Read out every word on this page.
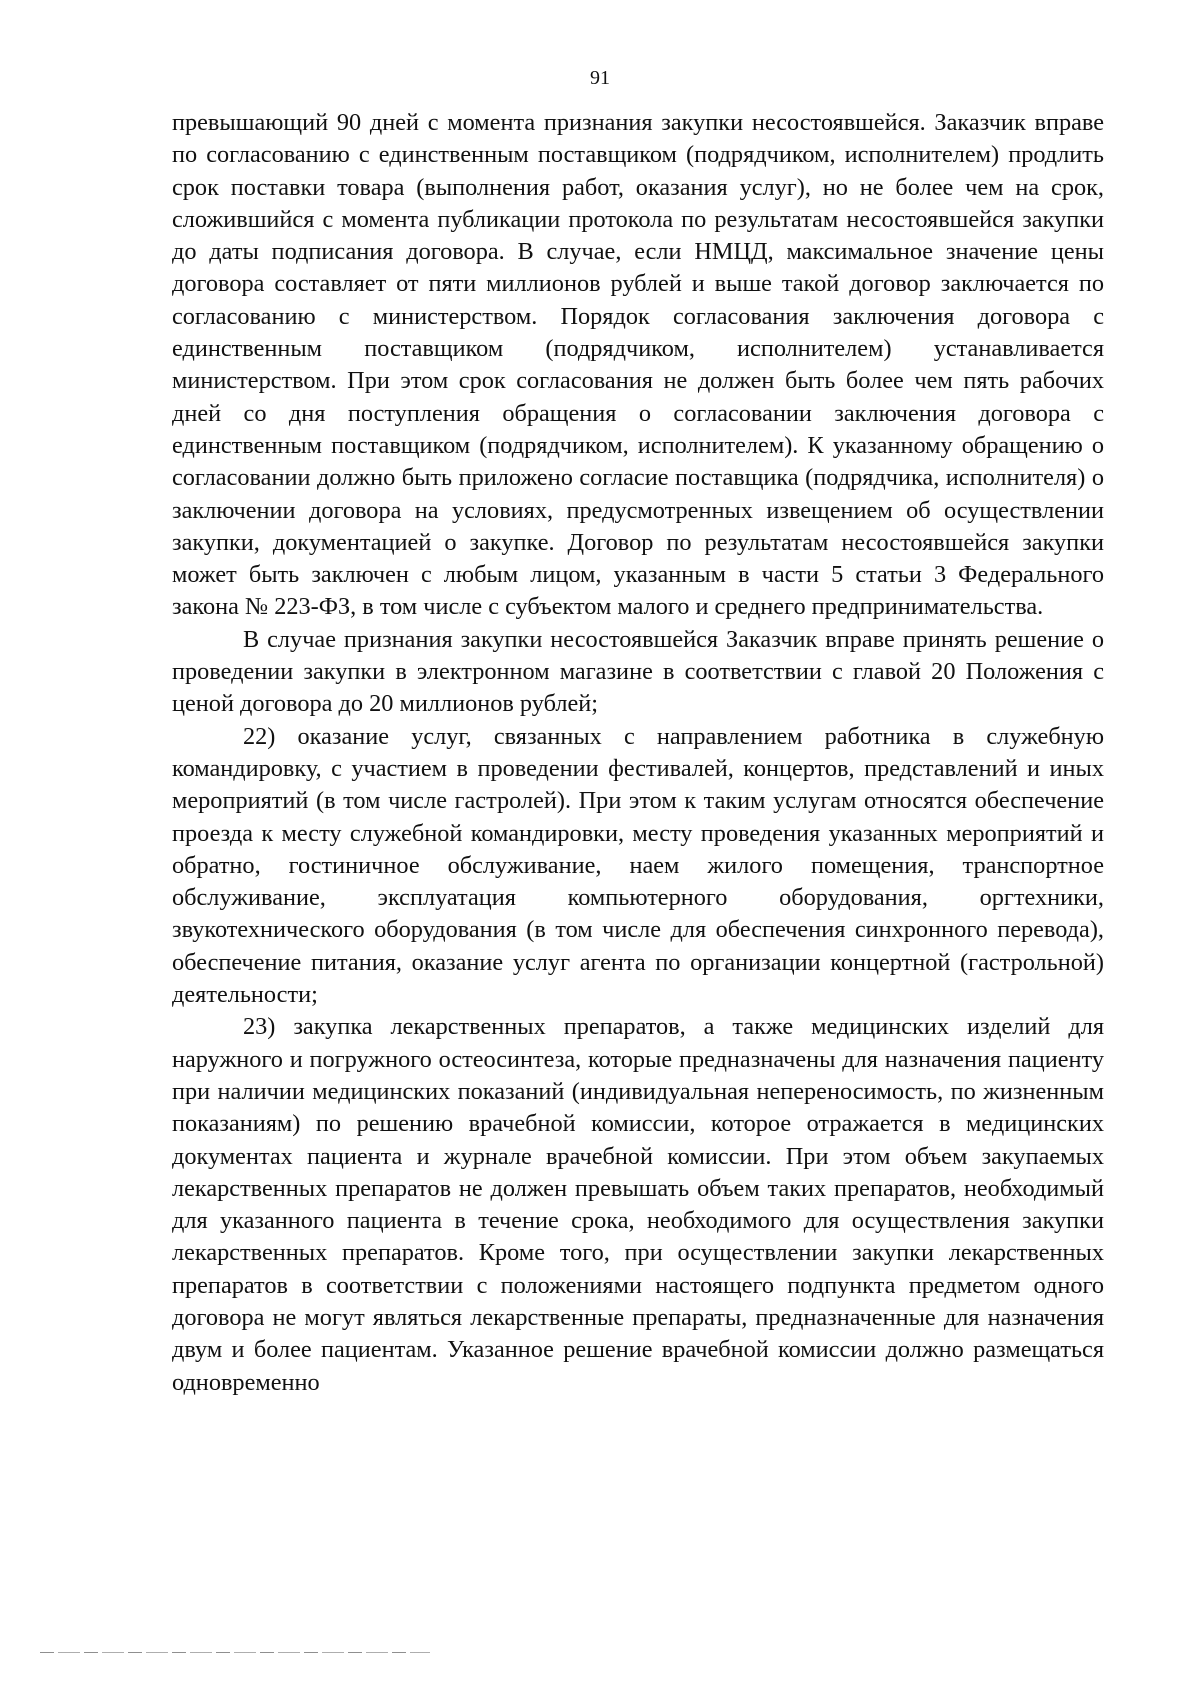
91

превышающий 90 дней с момента признания закупки несостоявшейся. Заказчик вправе по согласованию с единственным поставщиком (подрядчиком, исполнителем) продлить срок поставки товара (выполнения работ, оказания услуг), но не более чем на срок, сложившийся с момента публикации протокола по результатам несостоявшейся закупки до даты подписания договора. В случае, если НМЦД, максимальное значение цены договора составляет от пяти миллионов рублей и выше такой договор заключается по согласованию с министерством. Порядок согласования заключения договора с единственным поставщиком (подрядчиком, исполнителем) устанавливается министерством. При этом срок согласования не должен быть более чем пять рабочих дней со дня поступления обращения о согласовании заключения договора с единственным поставщиком (подрядчиком, исполнителем). К указанному обращению о согласовании должно быть приложено согласие поставщика (подрядчика, исполнителя) о заключении договора на условиях, предусмотренных извещением об осуществлении закупки, документацией о закупке. Договор по результатам несостоявшейся закупки может быть заключен с любым лицом, указанным в части 5 статьи 3 Федерального закона № 223-ФЗ, в том числе с субъектом малого и среднего предпринимательства.

В случае признания закупки несостоявшейся Заказчик вправе принять решение о проведении закупки в электронном магазине в соответствии с главой 20 Положения с ценой договора до 20 миллионов рублей;

22) оказание услуг, связанных с направлением работника в служебную командировку, с участием в проведении фестивалей, концертов, представлений и иных мероприятий (в том числе гастролей). При этом к таким услугам относятся обеспечение проезда к месту служебной командировки, месту проведения указанных мероприятий и обратно, гостиничное обслуживание, наем жилого помещения, транспортное обслуживание, эксплуатация компьютерного оборудования, оргтехники, звукотехнического оборудования (в том числе для обеспечения синхронного перевода), обеспечение питания, оказание услуг агента по организации концертной (гастрольной) деятельности;

23) закупка лекарственных препаратов, а также медицинских изделий для наружного и погружного остеосинтеза, которые предназначены для назначения пациенту при наличии медицинских показаний (индивидуальная непереносимость, по жизненным показаниям) по решению врачебной комиссии, которое отражается в медицинских документах пациента и журнале врачебной комиссии. При этом объем закупаемых лекарственных препаратов не должен превышать объем таких препаратов, необходимый для указанного пациента в течение срока, необходимого для осуществления закупки лекарственных препаратов. Кроме того, при осуществлении закупки лекарственных препаратов в соответствии с положениями настоящего подпункта предметом одного договора не могут являться лекарственные препараты, предназначенные для назначения двум и более пациентам. Указанное решение врачебной комиссии должно размещаться одновременно
